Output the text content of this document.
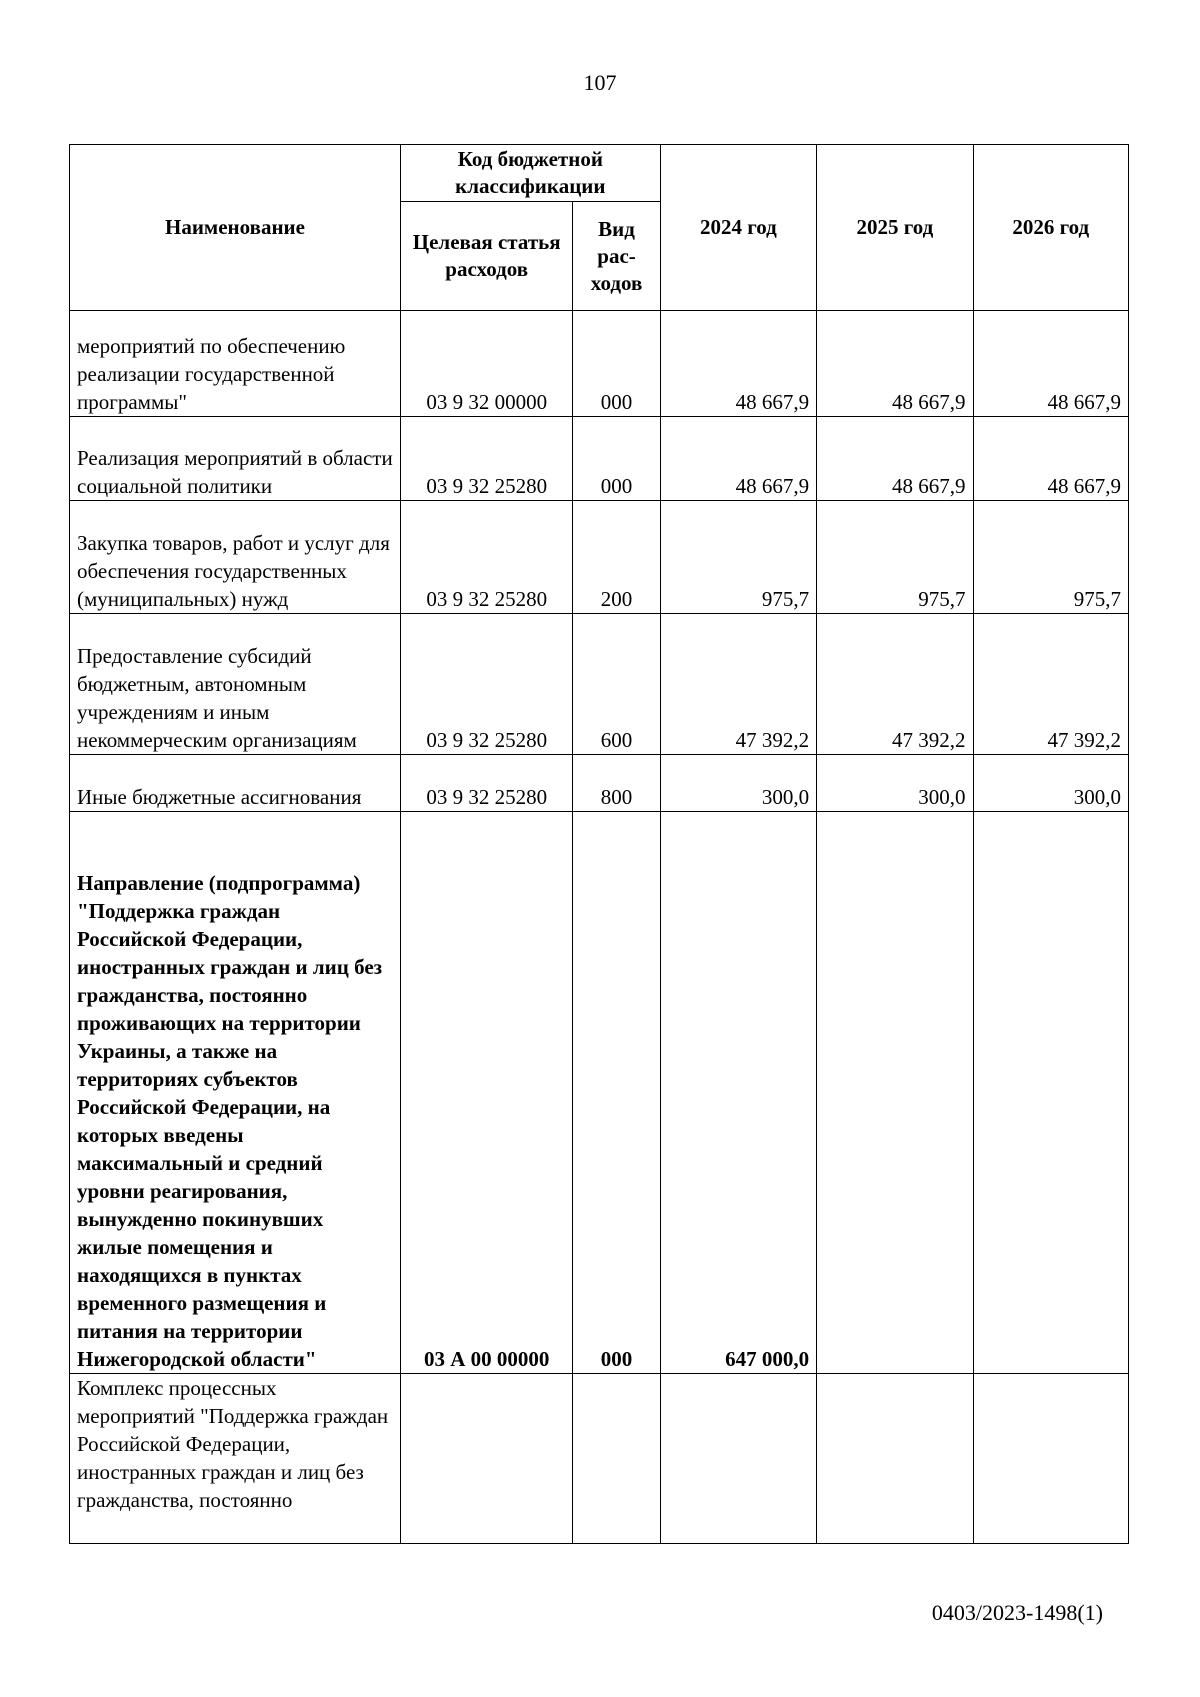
107
Наименование	Код бюджетной классификации		2024 год	2025 год	2026 год
	Целевая статья расходов	Вид рас- ходов			
мероприятий по обеспечению реализации государственной программы"	03 9 32 00000	000	48 667,9	48 667,9	48 667,9
Реализация мероприятий в области социальной политики	03 9 32 25280	000	48 667,9	48 667,9	48 667,9
Закупка товаров, работ и услуг для обеспечения государственных (муниципальных) нужд	03 9 32 25280	200	975,7	975,7	975,7
Предоставление субсидий бюджетным, автономным учреждениям и иным некоммерческим организациям	03 9 32 25280	600	47 392,2	47 392,2	47 392,2
Иные бюджетные ассигнования	03 9 32 25280	800	300,0	300,0	300,0
Направление (подпрограмма) "Поддержка граждан Российской Федерации, иностранных граждан и лиц без гражданства, постоянно проживающих на территории Украины, а также на территориях субъектов Российской Федерации, на которых введены максимальный и средний уровни реагирования, вынужденно покинувших жилые помещения и находящихся в пунктах временного размещения и питания на территории Нижегородской области"	03 А 00 00000	000	647 000,0		
Комплекс процессных мероприятий "Поддержка граждан Российской Федерации, иностранных граждан и лиц без гражданства, постоянно					
0403/2023-1498(1)
